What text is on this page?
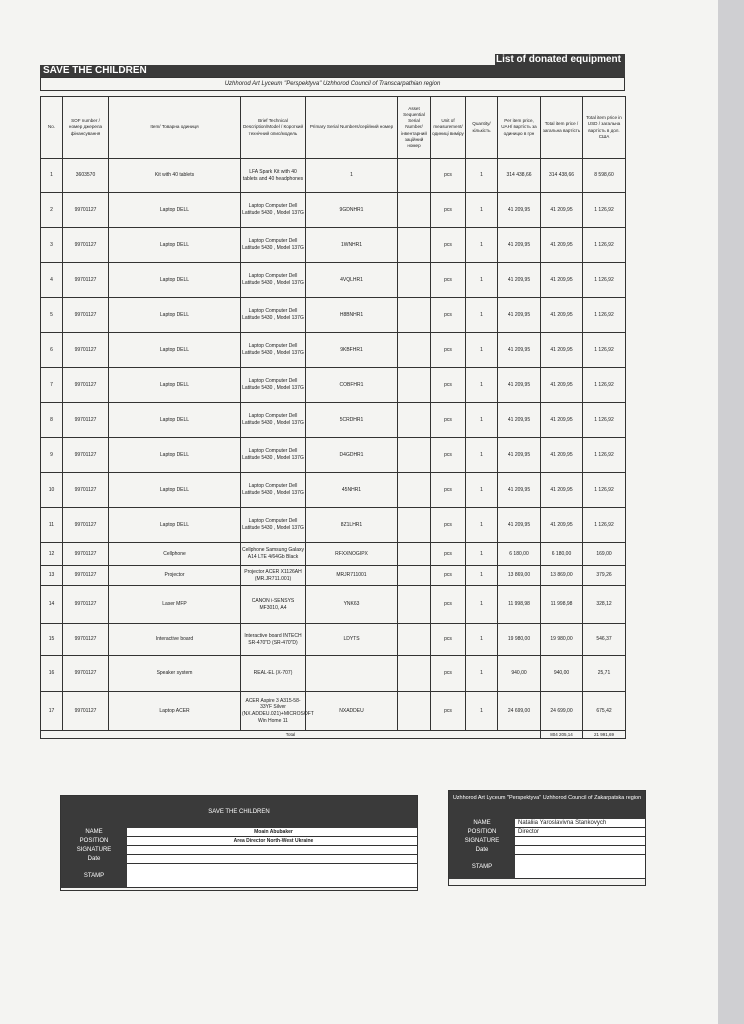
List of donated equipment
SAVE THE CHILDREN
Uzhhorod Art Lyceum "Perspektyva" Uzhhorod Council of Transcarpathian region
No.	SOF number / номер джерела фінансування	Item/ Товарна одиниця	Brief Technical Description/Model / Короткий технічний опис/модель	Primary Serial Numbers/серійний номер	Asset Sequential Serial Number/ інвентарний заційний номер	Unit of measurement/ одиниці виміру	Quantity/ кількість	Per item price, UAH/ вартість за одиницю в грн	Total item price / загальна вартість	Total item price in USD / загальна вартість в дол. США
1	3603570	Kit with 40 tablets	LFA Spark Kit with 40 tablets and 40 headphones	1		pcs	1	314 438,66	314 438,66	8 598,60
2	99701127	Laptop DELL	Laptop Computer Dell Latitude 5430 , Model 137G	9GDNHR1		pcs	1	41 209,95	41 209,95	1 126,92
3	99701127	Laptop DELL	Laptop Computer Dell Latitude 5430 , Model 137G	1WNHR1		pcs	1	41 209,95	41 209,95	1 126,92
4	99701127	Laptop DELL	Laptop Computer Dell Latitude 5430 , Model 137G	4VQLHR1		pcs	1	41 209,95	41 209,95	1 126,92
5	99701127	Laptop DELL	Laptop Computer Dell Latitude 5430 , Model 137G	H8BNHR1		pcs	1	41 209,95	41 209,95	1 126,92
6	99701127	Laptop DELL	Laptop Computer Dell Latitude 5430 , Model 137G	9KBFHR1		pcs	1	41 209,95	41 209,95	1 126,92
7	99701127	Laptop DELL	Laptop Computer Dell Latitude 5430 , Model 137G	COBFHR1		pcs	1	41 209,95	41 209,95	1 126,92
8	99701127	Laptop DELL	Laptop Computer Dell Latitude 5430 , Model 137G	5CRDHR1		pcs	1	41 209,95	41 209,95	1 126,92
9	99701127	Laptop DELL	Laptop Computer Dell Latitude 5430 , Model 137G	D4GDHR1		pcs	1	41 209,95	41 209,95	1 126,92
10	99701127	Laptop DELL	Laptop Computer Dell Latitude 5430 , Model 137G	45NHR1		pcs	1	41 209,95	41 209,95	1 126,92
11	99701127	Laptop DELL	Laptop Computer Dell Latitude 5430 , Model 137G	8Z1LHR1		pcs	1	41 209,95	41 209,95	1 126,92
12	99701127	Cellphone	Cellphone Samsung Galaxy A14 LTE 4/64Gb Black	RFXXNOGIPX		pcs	1	6 180,00	6 180,00	169,00
13	99701127	Projector	Projector ACER X1126AH (MR.JR711.001)	MRJR711001		pcs	1	13 869,00	13 869,00	379,26
14	99701127	Laser MFP	CANON i-SENSYS MF3010, A4	YNK63		pcs	1	11 998,98	11 998,98	328,12
15	99701127	Interactive board	Interactive board INTECH SR-470"D (SR-470"D)	LDYTS		pcs	1	19 980,00	19 980,00	546,37
16	99701127	Speaker system	REAL-EL (X-707)			pcs	1	940,00	940,00	25,71
17	99701127	Laptop ACER	ACER Aspire 3 A315-58-33YF Silver (NX.ADDEU.021)+MICROSOFT Win Home 11	NXADDEU		pcs	1	24 699,00	24 699,00	675,42
Total									804 205,14	21 991,69
SAVE THE CHILDREN
NAME	Moain Abubaker
POSITION	Area Director North-West Ukraine
SIGNATURE
Date
STAMP
Uzhhorod Art Lyceum "Perspektyva" Uzhhorod Council of Zakarpatska region
NAME	Nataliia Yaroslavivna Stankovych
POSITION	Director
SIGNATURE
Date
STAMP
